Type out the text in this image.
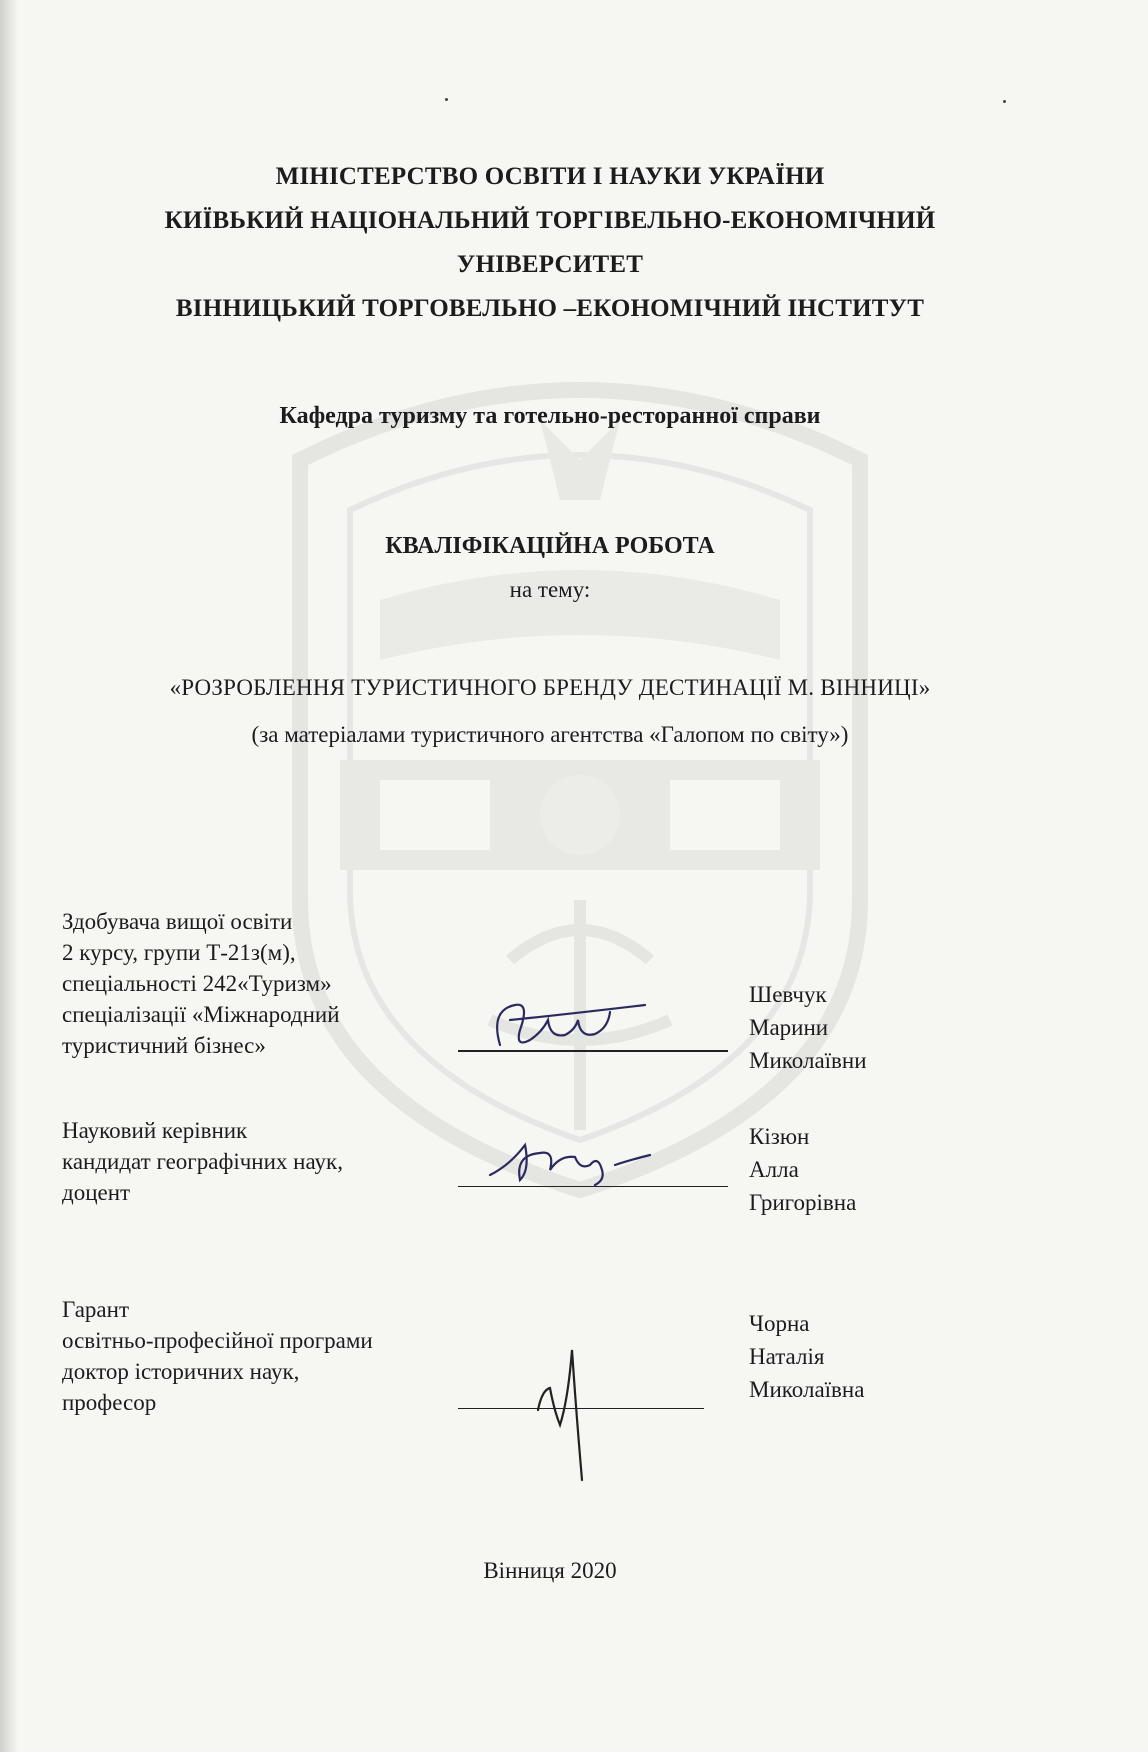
МІНІСТЕРСТВО ОСВІТИ І НАУКИ УКРАЇНИ
КИЇВЬКИЙ НАЦІОНАЛЬНИЙ ТОРГІВЕЛЬНО-ЕКОНОМІЧНИЙ
УНІВЕРСИТЕТ
ВІННИЦЬКИЙ ТОРГОВЕЛЬНО –ЕКОНОМІЧНИЙ ІНСТИТУТ
Кафедра туризму та готельно-ресторанної справи
КВАЛІФІКАЦІЙНА РОБОТА
на тему:
«РОЗРОБЛЕННЯ ТУРИСТИЧНОГО БРЕНДУ ДЕСТИНАЦІЇ М. ВІННИЦІ»
(за матеріалами туристичного агентства «Галопом по світу»)
Здобувача вищої освіти
2 курсу, групи Т-21з(м),
спеціальності 242«Туризм»
спеціалізації «Міжнародний
туристичний бізнес»
Шевчук
Марини
Миколаївни
Науковий керівник
кандидат географічних наук,
доцент
Кізюн
Алла
Григорівна
Гарант
освітньо-професійної програми
доктор історичних наук,
професор
Чорна
Наталія
Миколаївна
Вінниця 2020
